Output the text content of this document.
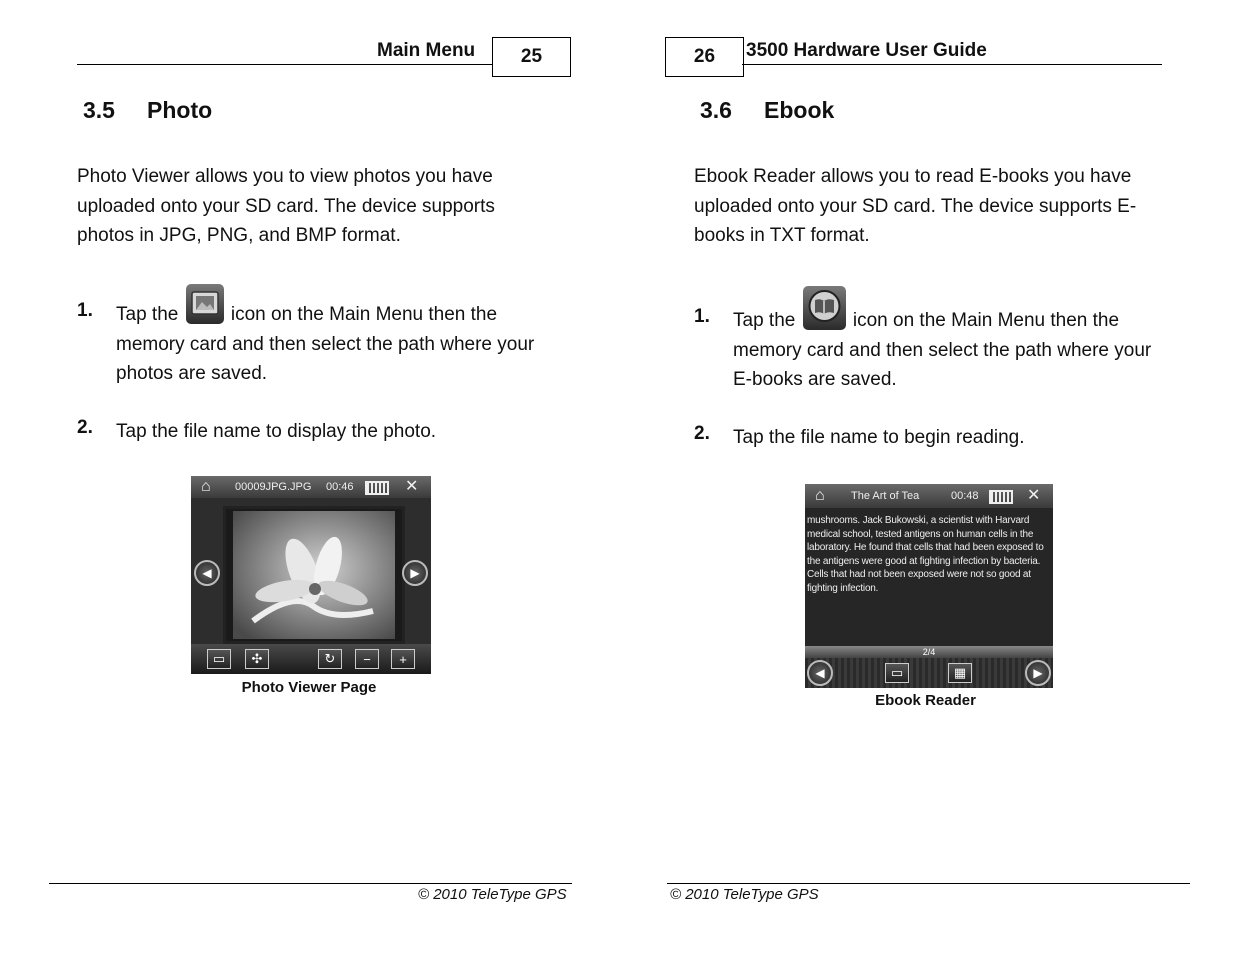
Main Menu	25
3.5 Photo
Photo Viewer allows you to view photos you have uploaded onto your SD card. The device supports photos in JPG, PNG, and BMP format.
1. Tap the	icon on the Main Menu then the memory card and then select the path where your photos are saved.
2. Tap the file name to display the photo.
⌂ 00009JPG.JPG 00:46	✕
◀	▶
▭	✣	↻	−	+
Photo Viewer Page
© 2010 TeleType GPS
26	3500 Hardware User Guide
3.6 Ebook
Ebook Reader allows you to read E-books you have uploaded onto your SD card. The device supports E-books in TXT format.
1. Tap the	icon on the Main Menu then the memory card and then select the path where your E-books are saved.
2. Tap the file name to begin reading.
⌂ The Art of Tea	00:48	✕
mushrooms. Jack Bukowski, a scientist with Harvard medical school, tested antigens on human cells in the laboratory. He found that cells that had been exposed to the antigens were good at fighting infection by bacteria. Cells that had not been exposed were not so good at fighting infection.
2/4
◀	▭	▦	▶
Ebook Reader
© 2010 TeleType GPS
